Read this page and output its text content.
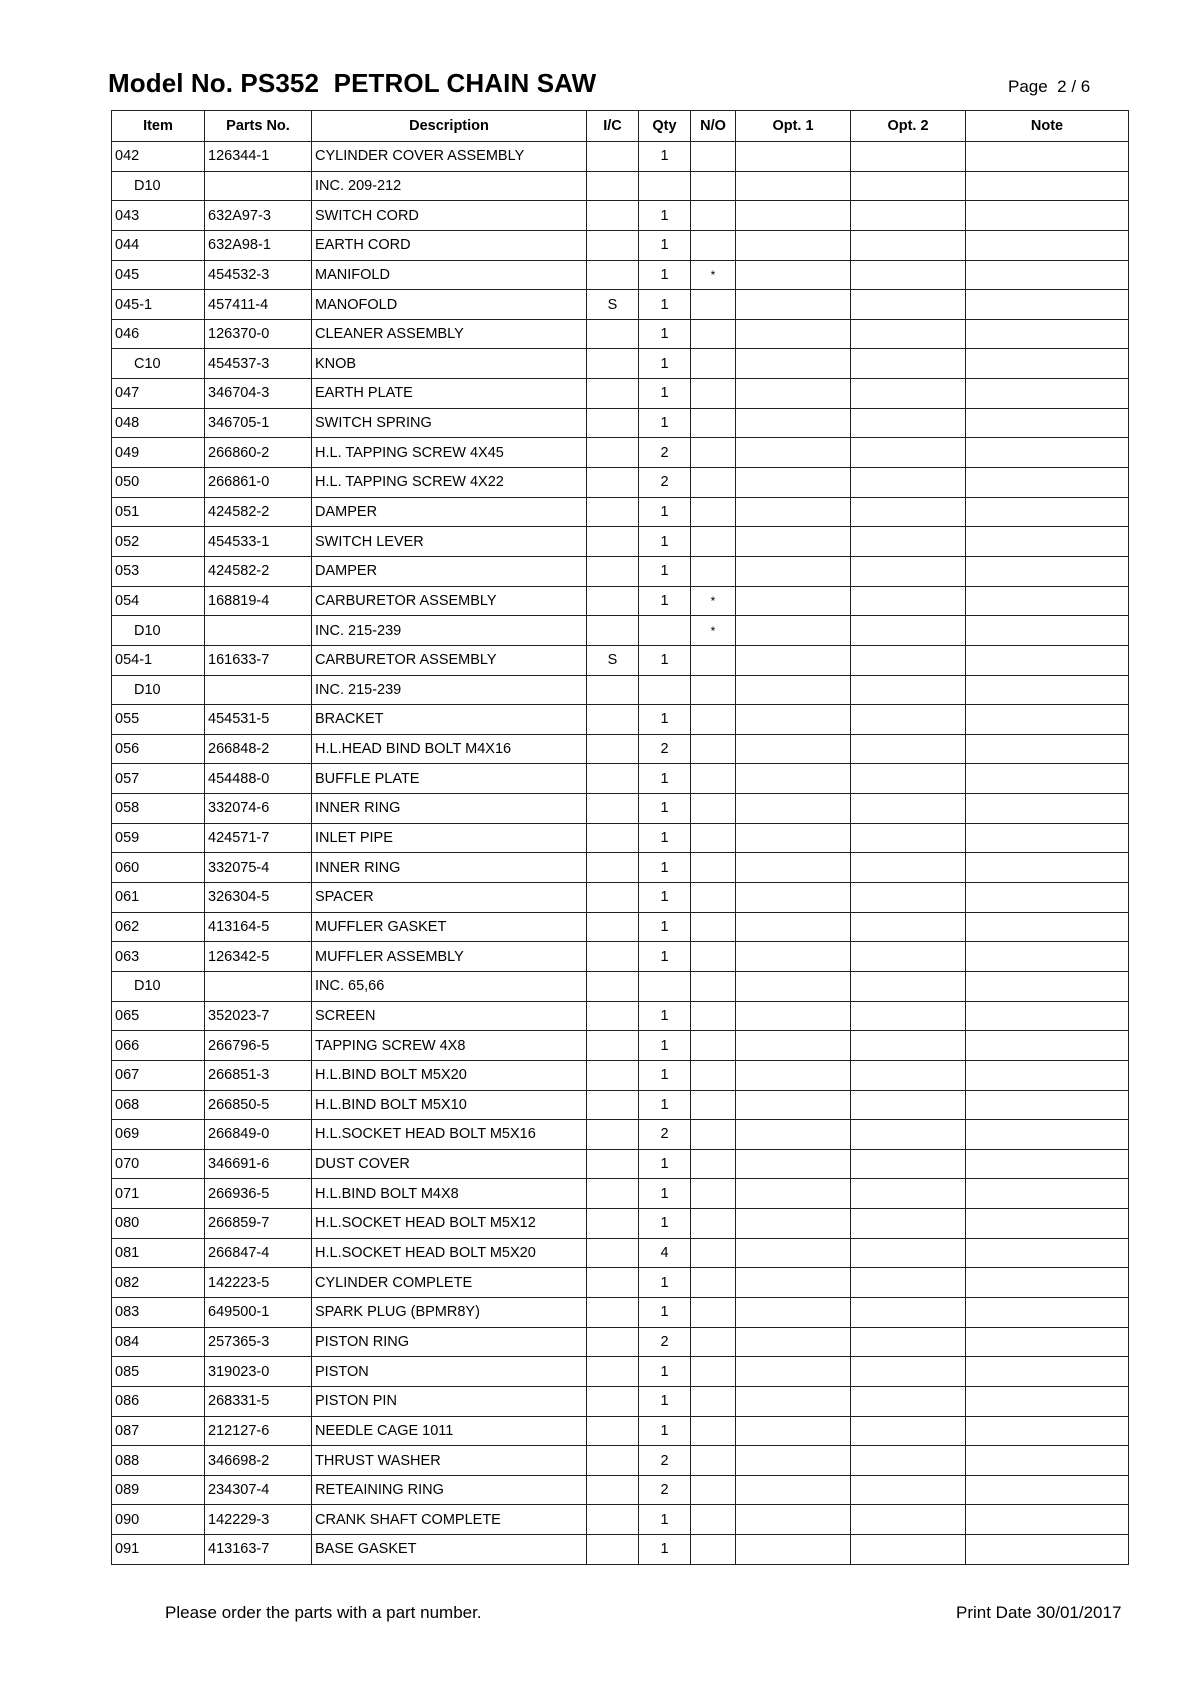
Model No. PS352  PETROL CHAIN SAW	Page  2 / 6
Item	Parts No.	Description	I/C	Qty	N/O	Opt. 1	Opt. 2	Note
042	126344-1	CYLINDER COVER ASSEMBLY		1				
D10		INC. 209-212						
043	632A97-3	SWITCH CORD		1				
044	632A98-1	EARTH CORD		1				
045	454532-3	MANIFOLD		1	*			
045-1	457411-4	MANOFOLD	S	1				
046	126370-0	CLEANER ASSEMBLY		1				
C10	454537-3	KNOB		1				
047	346704-3	EARTH PLATE		1				
048	346705-1	SWITCH SPRING		1				
049	266860-2	H.L. TAPPING SCREW 4X45		2				
050	266861-0	H.L. TAPPING SCREW 4X22		2				
051	424582-2	DAMPER		1				
052	454533-1	SWITCH LEVER		1				
053	424582-2	DAMPER		1				
054	168819-4	CARBURETOR ASSEMBLY		1	*			
D10		INC. 215-239			*			
054-1	161633-7	CARBURETOR ASSEMBLY	S	1				
D10		INC. 215-239						
055	454531-5	BRACKET		1				
056	266848-2	H.L.HEAD BIND BOLT M4X16		2				
057	454488-0	BUFFLE PLATE		1				
058	332074-6	INNER RING		1				
059	424571-7	INLET PIPE		1				
060	332075-4	INNER RING		1				
061	326304-5	SPACER		1				
062	413164-5	MUFFLER GASKET		1				
063	126342-5	MUFFLER ASSEMBLY		1				
D10		INC. 65,66						
065	352023-7	SCREEN		1				
066	266796-5	TAPPING SCREW 4X8		1				
067	266851-3	H.L.BIND BOLT M5X20		1				
068	266850-5	H.L.BIND BOLT M5X10		1				
069	266849-0	H.L.SOCKET HEAD BOLT M5X16		2				
070	346691-6	DUST COVER		1				
071	266936-5	H.L.BIND BOLT M4X8		1				
080	266859-7	H.L.SOCKET HEAD BOLT M5X12		1				
081	266847-4	H.L.SOCKET HEAD BOLT M5X20		4				
082	142223-5	CYLINDER COMPLETE		1				
083	649500-1	SPARK PLUG (BPMR8Y)		1				
084	257365-3	PISTON RING		2				
085	319023-0	PISTON		1				
086	268331-5	PISTON PIN		1				
087	212127-6	NEEDLE CAGE 1011		1				
088	346698-2	THRUST WASHER		2				
089	234307-4	RETEAINING RING		2				
090	142229-3	CRANK SHAFT COMPLETE		1				
091	413163-7	BASE GASKET		1				
Please order the parts with a part number.	Print Date 30/01/2017
